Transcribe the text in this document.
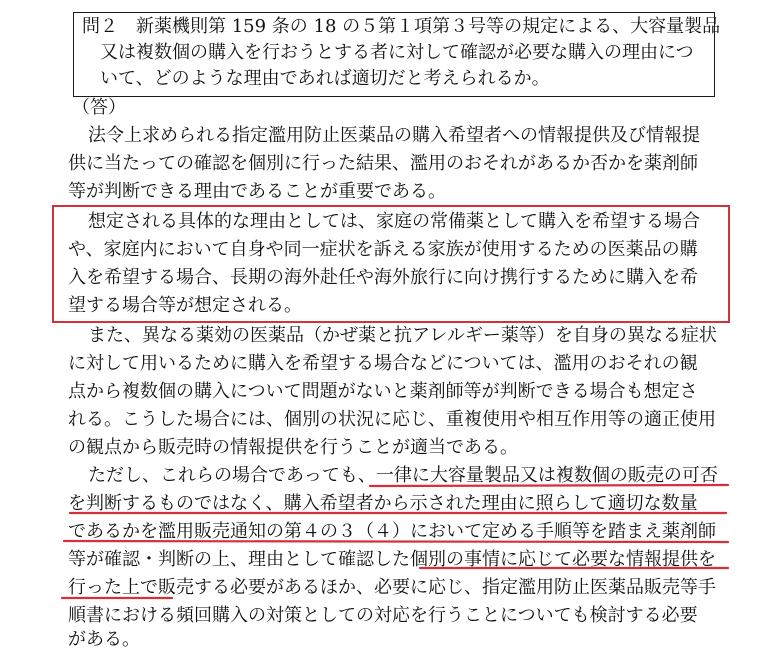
問２　新薬機則第 159 条の 18 の５第１項第３号等の規定による、大容量製品
又は複数個の購入を行おうとする者に対して確認が必要な購入の理由につ
いて、どのような理由であれば適切だと考えられるか。
（答）
法令上求められる指定濫用防止医薬品の購入希望者への情報提供及び情報提
供に当たっての確認を個別に行った結果、濫用のおそれがあるか否かを薬剤師
等が判断できる理由であることが重要である。
想定される具体的な理由としては、家庭の常備薬として購入を希望する場合
や、家庭内において自身や同一症状を訴える家族が使用するための医薬品の購
入を希望する場合、長期の海外赴任や海外旅行に向け携行するために購入を希
望する場合等が想定される。
また、異なる薬効の医薬品（かぜ薬と抗アレルギー薬等）を自身の異なる症状
に対して用いるために購入を希望する場合などについては、濫用のおそれの観
点から複数個の購入について問題がないと薬剤師等が判断できる場合も想定さ
れる。こうした場合には、個別の状況に応じ、重複使用や相互作用等の適正使用
の観点から販売時の情報提供を行うことが適当である。
ただし、これらの場合であっても、一律に大容量製品又は複数個の販売の可否
を判断するものではなく、購入希望者から示された理由に照らして適切な数量
であるかを濫用販売通知の第４の３（４）において定める手順等を踏まえ薬剤師
等が確認・判断の上、理由として確認した個別の事情に応じて必要な情報提供を
行った上で販売する必要があるほか、必要に応じ、指定濫用防止医薬品販売等手
順書における頻回購入の対策としての対応を行うことについても検討する必要
がある。
